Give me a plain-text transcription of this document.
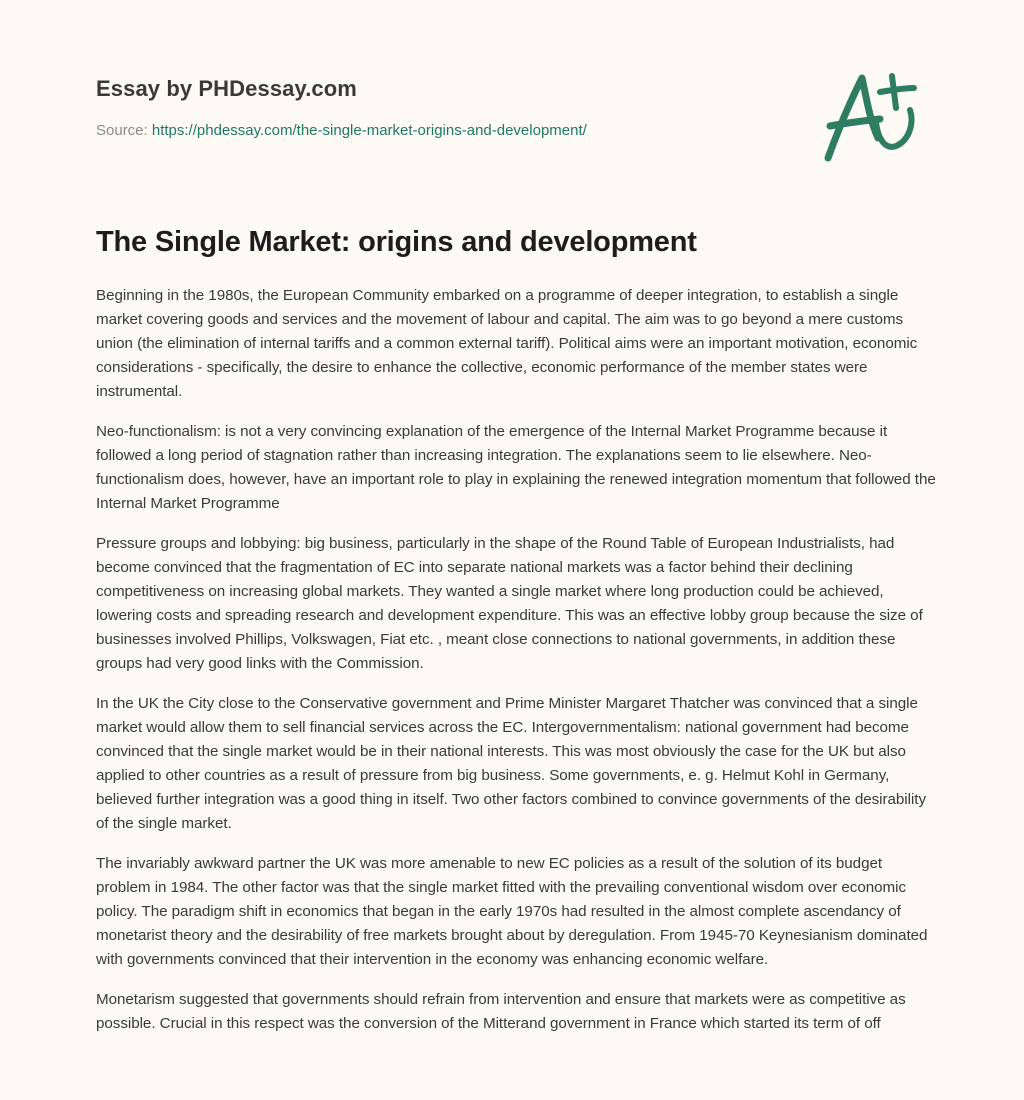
Essay by PHDessay.com
Source: https://phdessay.com/the-single-market-origins-and-development/
The Single Market: origins and development

Beginning in the 1980s, the European Community embarked on a programme of deeper integration, to establish a single market covering goods and services and the movement of labour and capital. The aim was to go beyond a mere customs union (the elimination of internal tariffs and a common external tariff). Political aims were an important motivation, economic considerations - specifically, the desire to enhance the collective, economic performance of the member states were instrumental.

Neo-functionalism: is not a very convincing explanation of the emergence of the Internal Market Programme because it followed a long period of stagnation rather than increasing integration. The explanations seem to lie elsewhere. Neo-functionalism does, however, have an important role to play in explaining the renewed integration momentum that followed the Internal Market Programme

Pressure groups and lobbying: big business, particularly in the shape of the Round Table of European Industrialists, had become convinced that the fragmentation of EC into separate national markets was a factor behind their declining competitiveness on increasing global markets. They wanted a single market where long production could be achieved, lowering costs and spreading research and development expenditure. This was an effective lobby group because the size of businesses involved Phillips, Volkswagen, Fiat etc. , meant close connections to national governments, in addition these groups had very good links with the Commission.

In the UK the City close to the Conservative government and Prime Minister Margaret Thatcher was convinced that a single market would allow them to sell financial services across the EC. Intergovernmentalism: national government had become convinced that the single market would be in their national interests. This was most obviously the case for the UK but also applied to other countries as a result of pressure from big business. Some governments, e. g. Helmut Kohl in Germany, believed further integration was a good thing in itself. Two other factors combined to convince governments of the desirability of the single market.

The invariably awkward partner the UK was more amenable to new EC policies as a result of the solution of its budget problem in 1984. The other factor was that the single market fitted with the prevailing conventional wisdom over economic policy. The paradigm shift in economics that began in the early 1970s had resulted in the almost complete ascendancy of monetarist theory and the desirability of free markets brought about by deregulation. From 1945-70 Keynesianism dominated with governments convinced that their intervention in the economy was enhancing economic welfare.

Monetarism suggested that governments should refrain from intervention and ensure that markets were as competitive as possible. Crucial in this respect was the conversion of the Mitterand government in France which started its term of off
